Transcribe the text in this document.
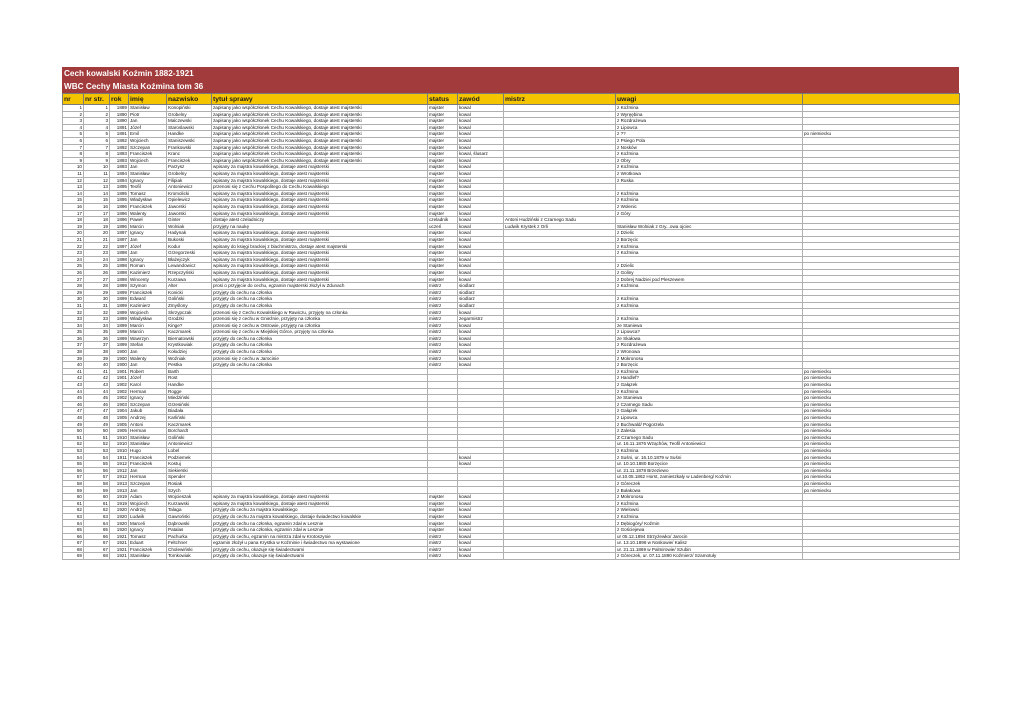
Cech kowalski Koźmin 1882-1921
WBC Cechy Miasta Koźmina tom 36
nr	nr str.	rok	imię	nazwisko	tytuł sprawy	status	zawód	mistrz	uwagi	
1	1	1889	Stanisław	Konopiński	zapisany jako współczłonek Cechu Kowalskiego, dostaje atest majsterski	majster	kowal		z Koźmina	
2	2	1890	Piotr	Grobelny	zapisany jako współczłonek Cechu Kowalskiego, dostaje atest majsterski	majster	kowal		z Wyręębina	
3	3	1890	Jan	Malczewski	zapisany jako współczłonek Cechu Kowalskiego, dostaje atest majsterski	majster	kowal		z Rozdrażewa	
4	4	1891	Józef	Staroslawski	zapisany jako współczłonek Cechu Kowalskiego, dostaje atest majsterski	majster	kowal		z Lipowca	
5	5	1891	Emil	Handke	zapisany jako współczłonek Cechu Kowalskiego, dostaje atest majsterski	majster	kowal		z ??	po niemiecku
6	6	1892	Wojciech	Staniszewski	zapisany jako współczłonek Cechu Kowalskiego, dostaje atest majsterski	majster	kowal		z Psiego Pola	
7	7	1892	Szczepan	Frankowski	zapisany jako współczłonek Cechu Kowalskiego, dostaje atest majsterski	majster	kowal		z Nosków	
8	8	1893	Franciszek	Kranc	zapisany jako współczłonek Cechu Kowalskiego, dostaje atest majsterski	majster	kowal, ślusarz		z Koźmina	
9	9	1893	Wojciech	Franciszek	zapisany jako współczłonek Cechu Kowalskiego, dostaje atest majsterski	majster	kowal		z Obry	
10	10	1893	Jan	Parzysz	wpisany za majstra kowalskiego, dostaje atest majsterski	majster	kowal		z Koźmina	
11	11	1894	Stanisław	Grobelny	wpisany za majstra kowalskiego, dostaje atest majsterski	majster	kowal		z Wrotkowa	
12	12	1894	Ignacy	Filipiak	wpisany za majstra kowalskiego, dostaje atest majsterski	majster	kowal		z Ruska	
13	13	1895	Teofil	Antoniewicz	przenosi się z Cechu Pospolitego do Cechu Kowalskiego	majster	kowal			
14	14	1895	Tomasz	Kromolicki	wpisany za majstra kowalskiego, dostaje atest majsterski	majster	kowal		z Koźmina	
15	15	1895	Władysław	Opielewicz	wpisany za majstra kowalskiego, dostaje atest majsterski	majster	kowal		z Koźmina	
16	16	1896	Franciszek	Jaworski	wpisany za majstra kowalskiego, dostaje atest majsterski	majster	kowal		z Wolenic	
17	17	1896	Walenty	Jaworski	wpisany za majstra kowalskiego, dostaje atest majsterski	majster	kowal		z Góry	
18	18	1896	Paweł	Ginter	dostaje atest czeladniczy	czeladnik	kowal	Antoni Hudziński z Czarnego Sadu		
19	19	1896	Marcin	Wolniak	przyjęty na naukę	uczeń	kowal	Ludwik Krystek z Orli	Stanisław Wolniak z Gry...owa ojciec	
20	20	1897	Ignacy	Hadynak	wpisany za majstra kowalskiego, dostaje atest majsterski	majster	kowal		z Dzielic	
21	21	1897	Jan	Bukoski	wpisany za majstra kowalskiego, dostaje atest majsterski	majster	kowal		z Borzęcic	
22	22	1897	Józef	Kodur	wpisany do księgi brackiej z blachmistrza, dostaje atest majsterski	majster	kowal		z Koźmina	
23	23	1898	Jan	Grzegorzeski	wpisany za majstra kowalskiego, dostaje atest majsterski	majster	kowal		z Koźmina	
24	24	1898	Ignacy	Błażejczyk	wpisany za majstra kowalskiego, dostaje atest majsterski	majster	kowal			
25	25	1898	Roman	Lewandowicz	wpisany za majstra kowalskiego, dostaje atest majsterski	majster	kowal		z Dzielic	
26	26	1898	Kazimierz	Rzepczyński	wpisany za majstra kowalskiego, dostaje atest majsterski	majster	kowal		z Goliny	
27	27	1898	Wincenty	Kurzawa	wpisany za majstra kowalskiego, dostaje atest majsterski	majster	kowal		z Dobrej Nadziei pod Pleszewem	
28	28	1899	Szymon	Alter	prosi o przyjęcie do cechu, egzamin majsterski złożył w Zdunach	mistrz	siodlarz		z Koźmina	
29	29	1899	Franciszek	Konicki	przyjęty do cechu na członka	mistrz	siodlarz			
30	30	1899	Edward	Goliński	przyjęty do cechu na członka	mistrz	siodlarz		z Koźmina	
31	31	1899	Kazimierz	Zmyślony	przyjęty do cechu na członka	mistrz	siodlarz		z Koźmina	
32	32	1899	Wojciech	Skrzypczak	przenosi się z Cechu Kowalskiego w Rawiczu, przyjęty na członka	mistrz	kowal			
33	33	1899	Władysław	Grodzki	przenosi się z cechu w Gnieźnie, przyjęty na członka	mistrz	zegarmistrz		z Koźmina	
34	34	1899	Marcin	Kinge?	przenosi się z cechu w Ostrowie, przyjęty na członka	mistrz	kowal		ze Staniewa	
35	35	1899	Marcin	Kaczmarek	przenosi się z cechu w Miejskiej Górce, przyjęty na członka	mistrz	kowal		z Lipowca?	
36	36	1899	Wawrzyn	Biernatowski	przyjęty do cechu na członka	mistrz	kowal		ze Skałowa	
37	37	1899	Stefan	Krystkowiak	przyjęty do cechu na członka	mistrz	kowal		z Rozdrażewa	
38	38	1900	Jan	Kołodziej	przyjęty do cechu na członka	mistrz	kowal		z Wronowa	
39	39	1900	Walenty	Woźniak	przenosi się z cechu w Jarocinie	mistrz	kowal		z Mokronosu	
40	40	1900	Jan	Pestka	przyjęty do cechu na członka	mistrz	kowal		z Borzęcic	
41	41	1901	Robert	Barth					z Koźmina	po niemiecku
42	42	1901	Józef	Rost					z Handlef?	po niemiecku
43	43	1902	Karol	Handke					z Gałązek	po niemiecku
44	44	1902	Herman	Rogge					z Koźmina	po niemiecku
45	45	1902	Ignacy	Miedziński					ze Staniewa	po niemiecku
46	46	1903	Szczepan	Grzesiński					z Czarnego Sadu	po niemiecku
47	47	1904	Jakub	Biadała					z Gałązek	po niemiecku
48	48	1905	Andrzej	Karliński					z Lipowca	po niemiecku
49	49	1905	Antoni	Kaczmarek					z Buchwald/ Pogorzela	po niemiecku
50	50	1905	Herman	Borchardt					z Zalesia	po niemiecku
51	51	1910	Stanisław	Goliński					Z Czarnego Sadu	po niemiecku
52	52	1910	Stanisław	Antoniewicz					ur. 16.11.1876 Wząchów, Teofil Antoniewicz	po niemiecku
53	53	1910	Hugo	Lobel					z Koźmina	po niemiecku
54	54	1911	Franciszek	Podziemek			kowal		z Suśni, ur. 16.10.1879 w Suśni	po niemiecku
55	55	1912	Franciszek	Kostuj			kowal		ur. 10.10.1880 Borzęcice	po niemiecku
56	56	1912	Jan	Siekierski					ur. 21.11.1878 Brzeziewo	po niemiecku
57	57	1912	Herman	Spender					ur.10.05.1862 Horst, zamieszkały w Ladenberg/ Koźmin	po niemiecku
58	58	1913	Szczepan	Rosiak					z Góreczek	po niemiecku
59	59	1913	Jan	Szych					z Bułakowa	po niemiecku
60	60	1919	Adam	Wojcieszak	wpisany za majstra kowalskiego, dostaje atest majsterski	majster	kowal		z Mokronosu	
61	61	1919	Wojciech	Kurzawski	wpisany za majstra kowalskiego, dostaje atest majsterski	majster	kowal		z Koźmina	
62	62	1920	Andrzej	Talaga	przyjęty do cechu za majstra kowalskiego	majster	kowal		z Wielowsi	
63	63	1920	Ludwik	Gawroński	przyjęty do cechu za majstra kowalskiego, dostaje świadectwo kowalskie	majster	kowal		z Koźmina	
64	64	1920	Marceli	Dąbrowski	przyjęty do cechu na członka, egzamin zdał w Lesznie	majster	kowal		z Dębiogóry/ Koźmin	
65	65	1920	Ignacy	Patalas	przyjęty do cechu na członka, egzamin zdał w Lesznie	majster	kowal		z Gościejewa	
66	66	1921	Tomasz	Pachurka	przyjęty do cechu, egzamin na mistrza zdał w Krotoszynie	mistrz	kowal		ur 05.12.1894 Strzyżewko/ Jarocin	
67	67	1921	Eduart	Feltchner	egzamin złożył u pana Krystka w Koźminie i świadectwo ma wystawione	mistrz	kowal		ur. 13.10.1896 w Noskowie/ Kalisz	
68	67	1921	Franciszek	Cholewiński	przyjęty do cechu, okazuje się świadectwami	mistrz	kowal		ur. 21.11.1869 w Palmirowie/ Szubin	
69	68	1921	Stanisław	Tomkowiak	przyjęty do cechu, okazuje się świadectwami	mistrz	kowal		z Góreczek, ur. 07.11.1890 Koźmierz/ Szamotuły	
